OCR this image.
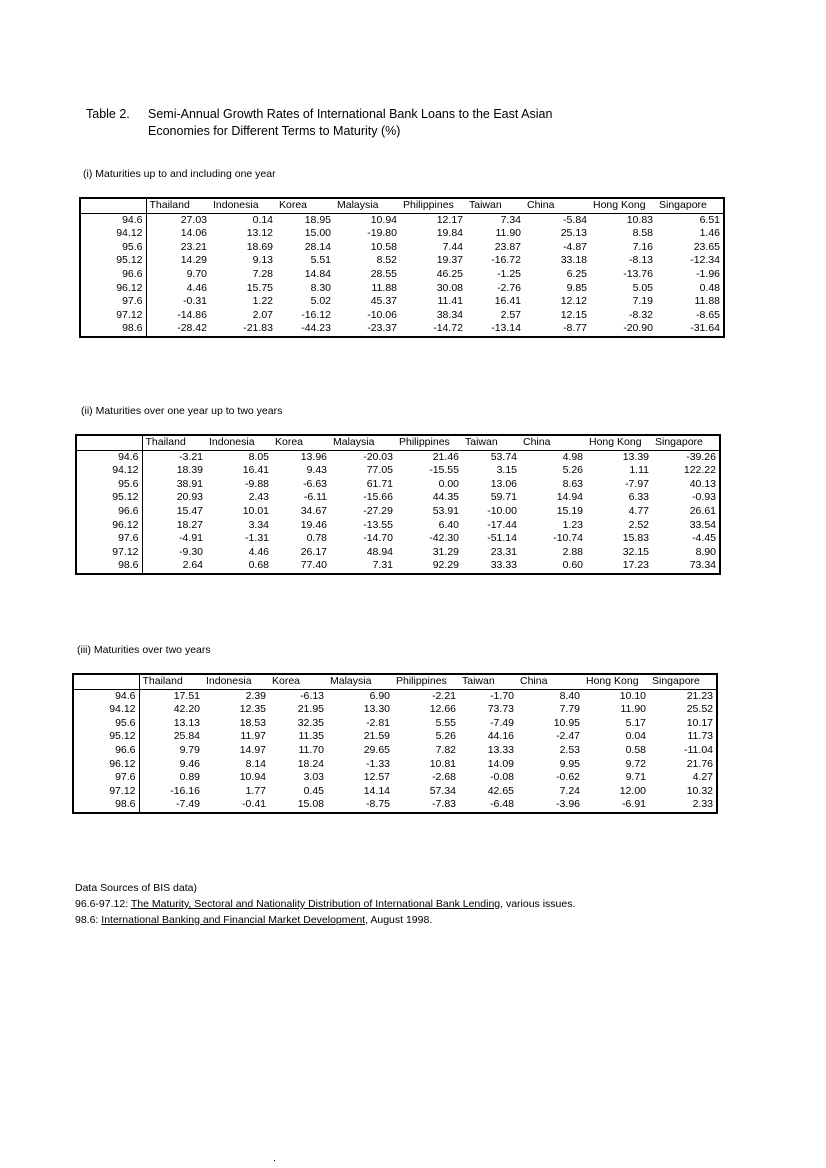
Table 2. Semi-Annual Growth Rates of International Bank Loans to the East Asian
Economies for Different Terms to Maturity (%)
(i) Maturities up to and including one year
	Thailand	Indonesia	Korea	Malaysia	Philippines	Taiwan	China	Hong Kong	Singapore
94.6	27.03	0.14	18.95	10.94	12.17	7.34	-5.84	10.83	6.51
94.12	14.06	13.12	15.00	-19.80	19.84	11.90	25.13	8.58	1.46
95.6	23.21	18.69	28.14	10.58	7.44	23.87	-4.87	7.16	23.65
95.12	14.29	9.13	5.51	8.52	19.37	-16.72	33.18	-8.13	-12.34
96.6	9.70	7.28	14.84	28.55	46.25	-1.25	6.25	-13.76	-1.96
96.12	4.46	15.75	8.30	11.88	30.08	-2.76	9.85	5.05	0.48
97.6	-0.31	1.22	5.02	45.37	11.41	16.41	12.12	7.19	11.88
97.12	-14.86	2.07	-16.12	-10.06	38.34	2.57	12.15	-8.32	-8.65
98.6	-28.42	-21.83	-44.23	-23.37	-14.72	-13.14	-8.77	-20.90	-31.64
(ii) Maturities over one year up to two years
	Thailand	Indonesia	Korea	Malaysia	Philippines	Taiwan	China	Hong Kong	Singapore
94.6	-3.21	8.05	13.96	-20.03	21.46	53.74	4.98	13.39	-39.26
94.12	18.39	16.41	9.43	77.05	-15.55	3.15	5.26	1.11	122.22
95.6	38.91	-9.88	-6.63	61.71	0.00	13.06	8.63	-7.97	40.13
95.12	20.93	2.43	-6.11	-15.66	44.35	59.71	14.94	6.33	-0.93
96.6	15.47	10.01	34.67	-27.29	53.91	-10.00	15.19	4.77	26.61
96.12	18.27	3.34	19.46	-13.55	6.40	-17.44	1.23	2.52	33.54
97.6	-4.91	-1.31	0.78	-14.70	-42.30	-51.14	-10.74	15.83	-4.45
97.12	-9.30	4.46	26.17	48.94	31.29	23.31	2.88	32.15	8.90
98.6	2.64	0.68	77.40	7.31	92.29	33.33	0.60	17.23	73.34
(iii) Maturities over two years
	Thailand	Indonesia	Korea	Malaysia	Philippines	Taiwan	China	Hong Kong	Singapore
94.6	17.51	2.39	-6.13	6.90	-2.21	-1.70	8.40	10.10	21.23
94.12	42.20	12.35	21.95	13.30	12.66	73.73	7.79	11.90	25.52
95.6	13.13	18.53	32.35	-2.81	5.55	-7.49	10.95	5.17	10.17
95.12	25.84	11.97	11.35	21.59	5.26	44.16	-2.47	0.04	11.73
96.6	9.79	14.97	11.70	29.65	7.82	13.33	2.53	0.58	-11.04
96.12	9.46	8.14	18.24	-1.33	10.81	14.09	9.95	9.72	21.76
97.6	0.89	10.94	3.03	12.57	-2.68	-0.08	-0.62	9.71	4.27
97.12	-16.16	1.77	0.45	14.14	57.34	42.65	7.24	12.00	10.32
98.6	-7.49	-0.41	15.08	-8.75	-7.83	-6.48	-3.96	-6.91	2.33
Data Sources of BIS data)
96.6-97.12: The Maturity, Sectoral and Nationality Distribution of International Bank Lending, various issues.
98.6: International Banking and Financial Market Development, August 1998.
